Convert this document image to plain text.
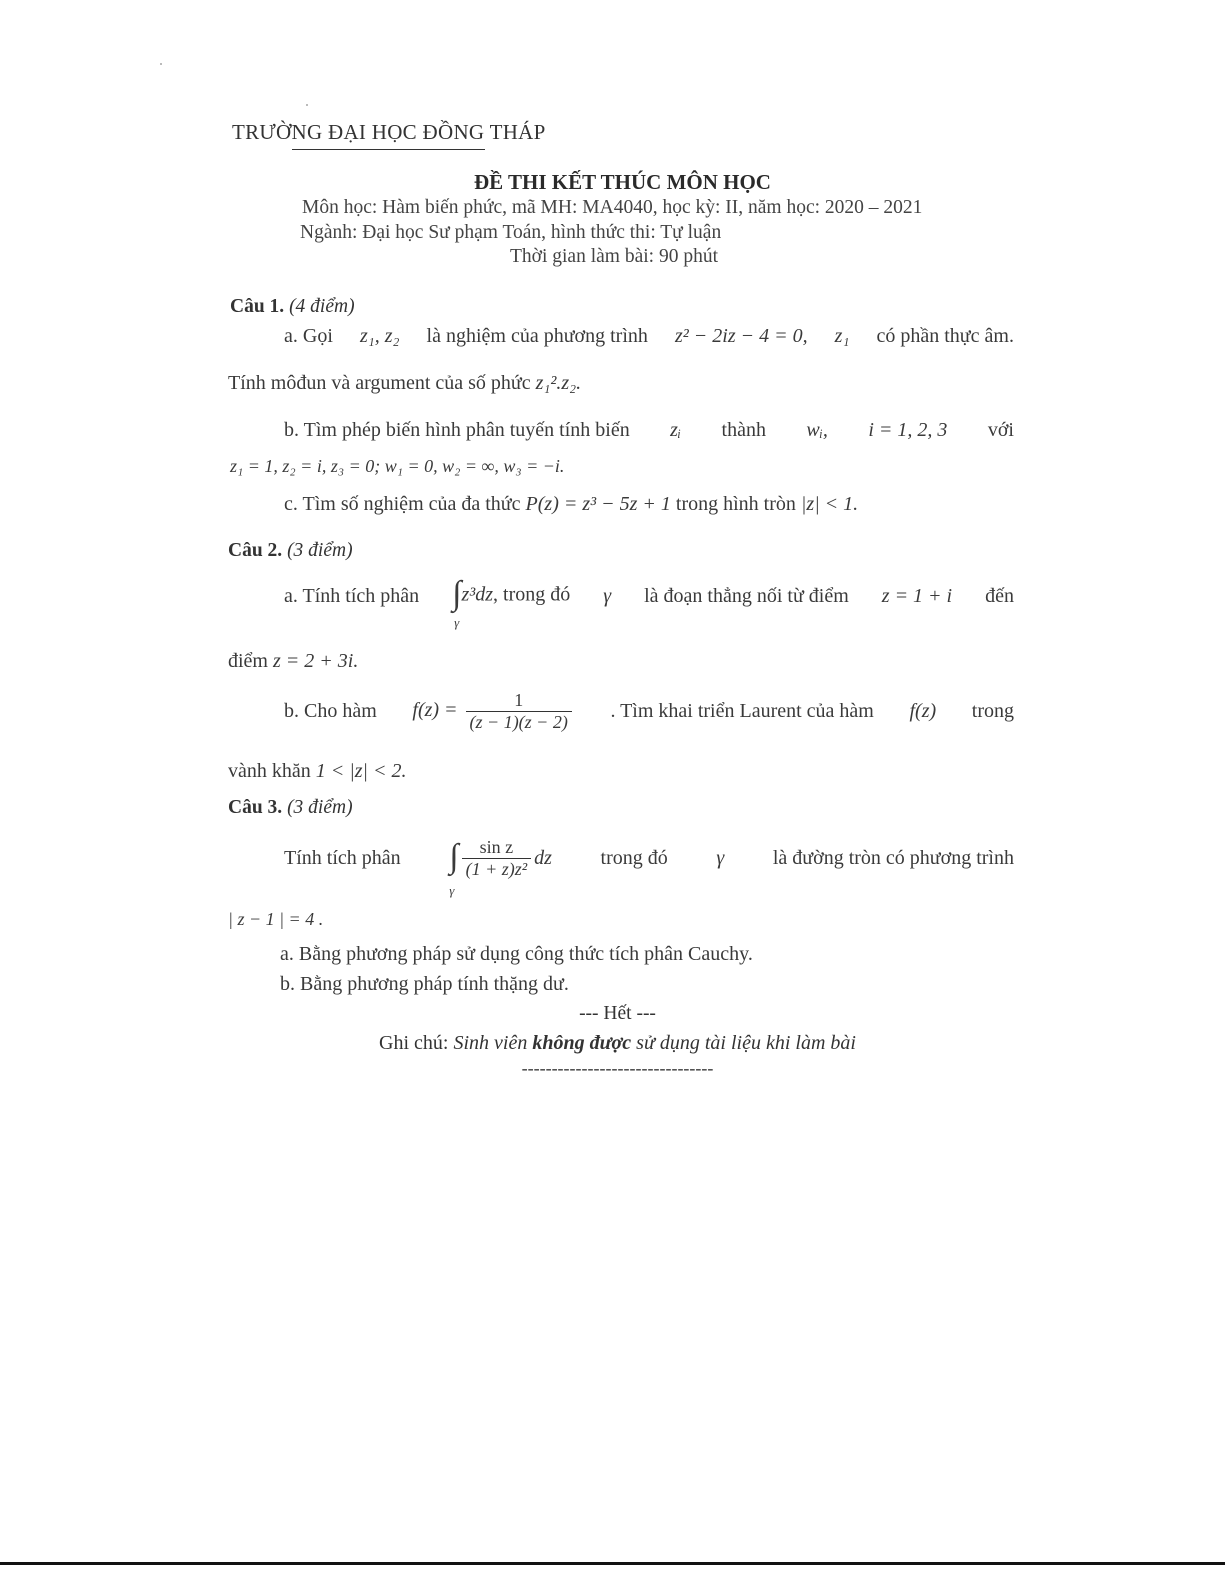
TRƯỜNG ĐẠI HỌC ĐỒNG THÁP
ĐỀ THI KẾT THÚC MÔN HỌC
Môn học: Hàm biến phức, mã MH: MA4040, học kỳ: II, năm học: 2020 – 2021
Ngành: Đại học Sư phạm Toán, hình thức thi: Tự luận
Thời gian làm bài: 90 phút
Câu 1. (4 điểm)
a. Gọi z₁, z₂ là nghiệm của phương trình z² − 2iz − 4 = 0, z₁ có phần thực âm.
Tính môđun và argument của số phức z₁².z₂.
b. Tìm phép biến hình phân tuyến tính biến zᵢ thành wᵢ, i = 1, 2, 3 với
z₁ = 1, z₂ = i, z₃ = 0; w₁ = 0, w₂ = ∞, w₃ = −i.
c. Tìm số nghiệm của đa thức P(z) = z³ − 5z + 1 trong hình tròn |z| < 1.
Câu 2. (3 điểm)
a. Tính tích phân ∫z³dz, trong đó
γ
γ là đoạn thẳng nối từ điểm z = 1 + i đến
điểm z = 2 + 3i.
b. Cho hàm $f(z) = \frac{1}{(z - 1)(z - 2)}$ . Tìm khai triển Laurent của hàm f(z) trong
vành khăn 1 < |z| < 2.
Câu 3. (3 điểm)
Tính tích phân ∫ $\frac{\text{sin z}}{\text{(1 + z)z²}}$ dz
γ
trong đó γ là đường tròn có phương trình
| z − 1 | = 4 .
a. Bằng phương pháp sử dụng công thức tích phân Cauchy.
b. Bằng phương pháp tính thặng dư.
--- Hết ---
Ghi chú: Sinh viên không được sử dụng tài liệu khi làm bài
--------------------------------
